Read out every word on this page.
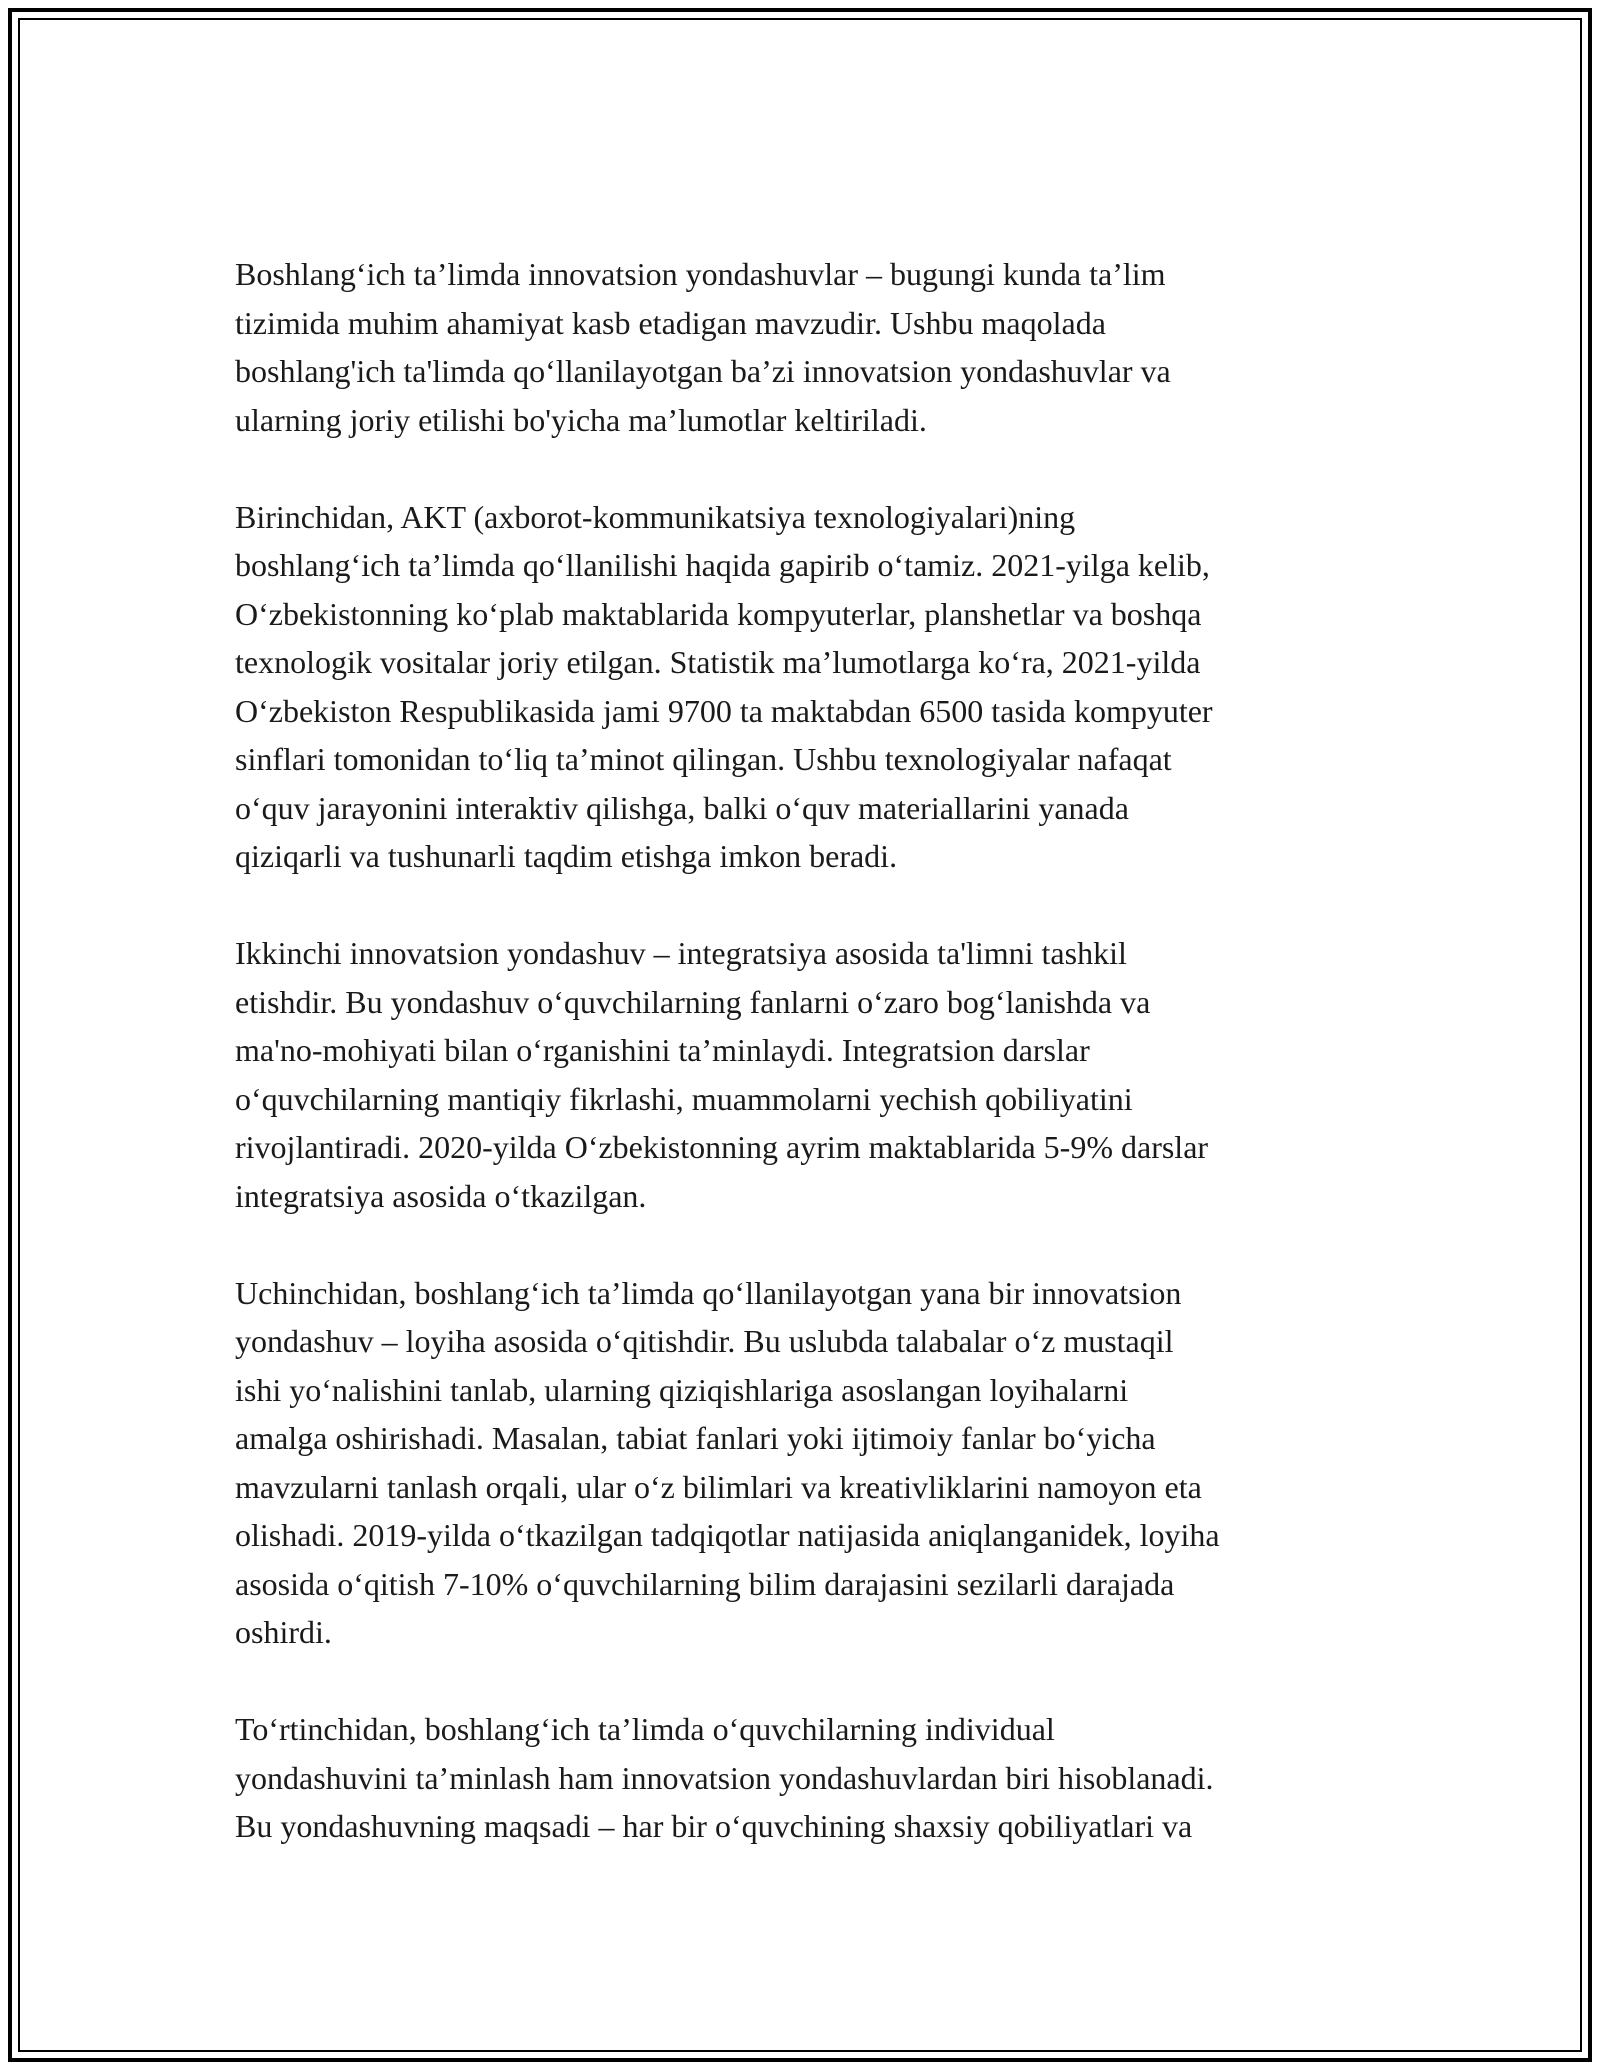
Boshlang‘ich ta’limda innovatsion yondashuvlar – bugungi kunda ta’lim
tizimida muhim ahamiyat kasb etadigan mavzudir. Ushbu maqolada
boshlang'ich ta'limda qo‘llanilayotgan ba’zi innovatsion yondashuvlar va
ularning joriy etilishi bo'yicha ma’lumotlar keltiriladi.

Birinchidan, AKT (axborot-kommunikatsiya texnologiyalari)ning
boshlang‘ich ta’limda qo‘llanilishi haqida gapirib o‘tamiz. 2021-yilga kelib,
O‘zbekistonning ko‘plab maktablarida kompyuterlar, planshetlar va boshqa
texnologik vositalar joriy etilgan. Statistik ma’lumotlarga ko‘ra, 2021-yilda
O‘zbekiston Respublikasida jami 9700 ta maktabdan 6500 tasida kompyuter
sinflari tomonidan to‘liq ta’minot qilingan. Ushbu texnologiyalar nafaqat
o‘quv jarayonini interaktiv qilishga, balki o‘quv materiallarini yanada
qiziqarli va tushunarli taqdim etishga imkon beradi.

Ikkinchi innovatsion yondashuv – integratsiya asosida ta'limni tashkil
etishdir. Bu yondashuv o‘quvchilarning fanlarni o‘zaro bog‘lanishda va
ma'no-mohiyati bilan o‘rganishini ta’minlaydi. Integratsion darslar
o‘quvchilarning mantiqiy fikrlashi, muammolarni yechish qobiliyatini
rivojlantiradi. 2020-yilda O‘zbekistonning ayrim maktablarida 5-9% darslar
integratsiya asosida o‘tkazilgan.

Uchinchidan, boshlang‘ich ta’limda qo‘llanilayotgan yana bir innovatsion
yondashuv – loyiha asosida o‘qitishdir. Bu uslubda talabalar o‘z mustaqil
ishi yo‘nalishini tanlab, ularning qiziqishlariga asoslangan loyihalarni
amalga oshirishadi. Masalan, tabiat fanlari yoki ijtimoiy fanlar bo‘yicha
mavzularni tanlash orqali, ular o‘z bilimlari va kreativliklarini namoyon eta
olishadi. 2019-yilda o‘tkazilgan tadqiqotlar natijasida aniqlanganidek, loyiha
asosida o‘qitish 7-10% o‘quvchilarning bilim darajasini sezilarli darajada
oshirdi.

To‘rtinchidan, boshlang‘ich ta’limda o‘quvchilarning individual
yondashuvini ta’minlash ham innovatsion yondashuvlardan biri hisoblanadi.
Bu yondashuvning maqsadi – har bir o‘quvchining shaxsiy qobiliyatlari va
